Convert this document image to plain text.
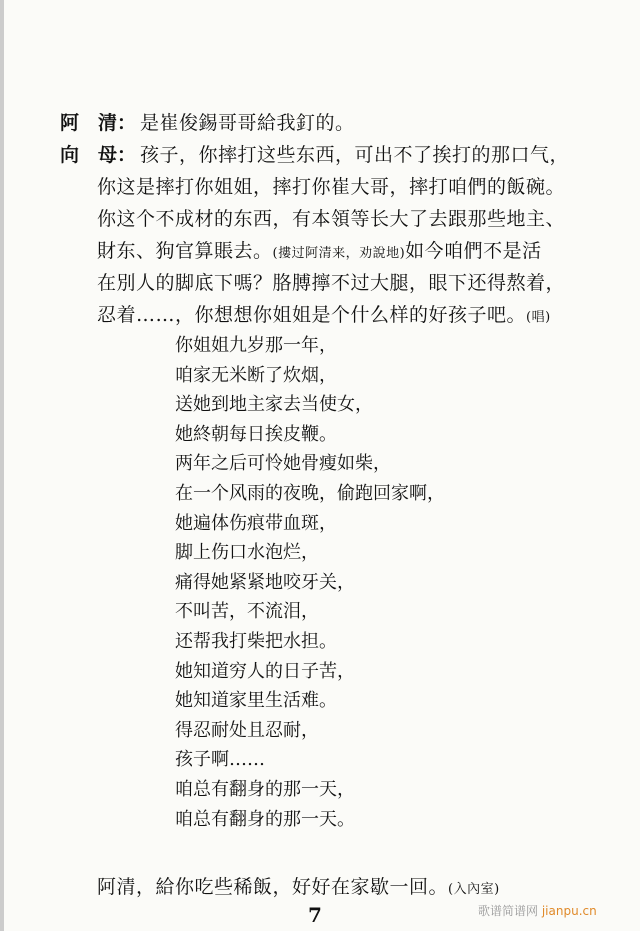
阿　清： 是崔俊錫哥哥給我釘的。
向　母： 孩子，你摔打这些东西，可出不了挨打的那口气，
你这是摔打你姐姐，摔打你崔大哥，摔打咱們的飯碗。
你这个不成材的东西，有本領等长大了去跟那些地主、
財东、狗官算賬去。(摟过阿清来，劝說地)如今咱們不是活
在別人的脚底下嗎？胳膊擰不过大腿，眼下还得熬着，
忍着……，你想想你姐姐是个什么样的好孩子吧。(唱)
你姐姐九岁那一年，
咱家无米断了炊烟，
送她到地主家去当使女，
她終朝每日挨皮鞭。
两年之后可怜她骨瘦如柴，
在一个风雨的夜晚，偷跑回家啊，
她遍体伤痕带血斑，
脚上伤口水泡烂，
痛得她紧紧地咬牙关，
不叫苦，不流泪，
还帮我打柴把水担。
她知道穷人的日子苦，
她知道家里生活难。
得忍耐处且忍耐，
孩子啊……
咱总有翻身的那一天，
咱总有翻身的那一天。
阿清，給你吃些稀飯，好好在家歇一回。(入內室)
7	歌谱简谱网 jianpu.cn
